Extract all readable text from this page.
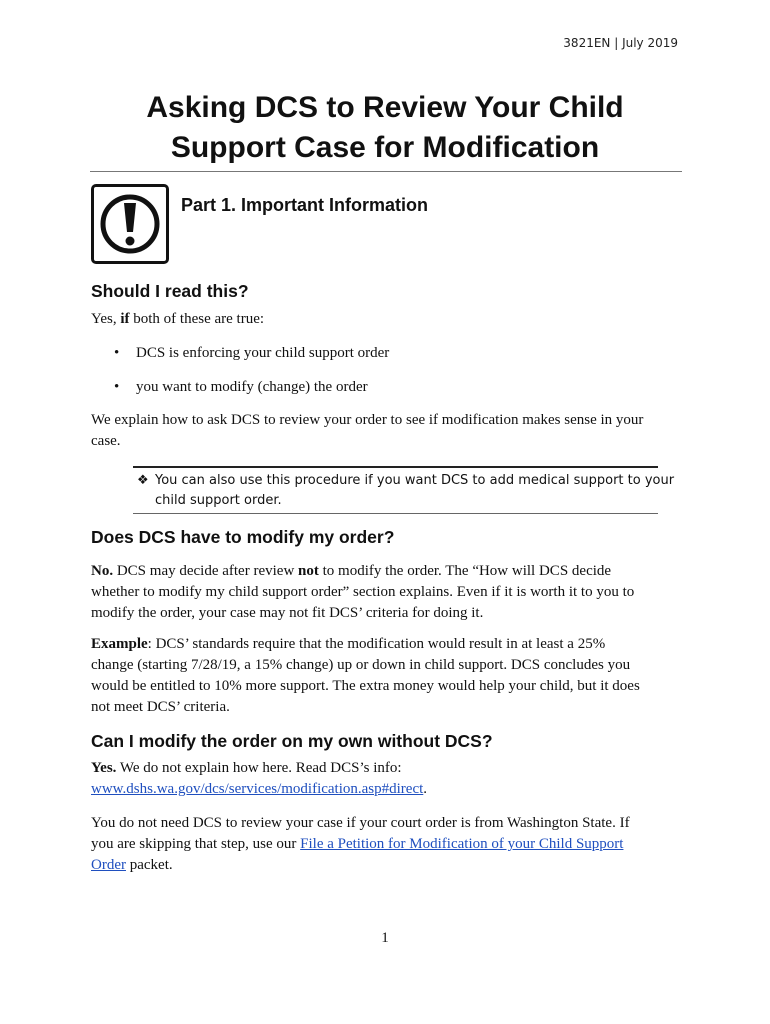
3821EN | July 2019
Asking DCS to Review Your Child
Support Case for Modification
Part 1. Important Information
Should I read this?
Yes, if both of these are true:
• DCS is enforcing your child support order
• you want to modify (change) the order
We explain how to ask DCS to review your order to see if modification makes sense in your
case.
❖ You can also use this procedure if you want DCS to add medical support to your
child support order.
Does DCS have to modify my order?
No. DCS may decide after review not to modify the order. The “How will DCS decide
whether to modify my child support order” section explains. Even if it is worth it to you to
modify the order, your case may not fit DCS’ criteria for doing it.
Example: DCS’ standards require that the modification would result in at least a 25%
change (starting 7/28/19, a 15% change) up or down in child support. DCS concludes you
would be entitled to 10% more support. The extra money would help your child, but it does
not meet DCS’ criteria.
Can I modify the order on my own without DCS?
Yes. We do not explain how here. Read DCS’s info:
www.dshs.wa.gov/dcs/services/modification.asp#direct.
You do not need DCS to review your case if your court order is from Washington State. If
you are skipping that step, use our File a Petition for Modification of your Child Support
Order packet.
1
